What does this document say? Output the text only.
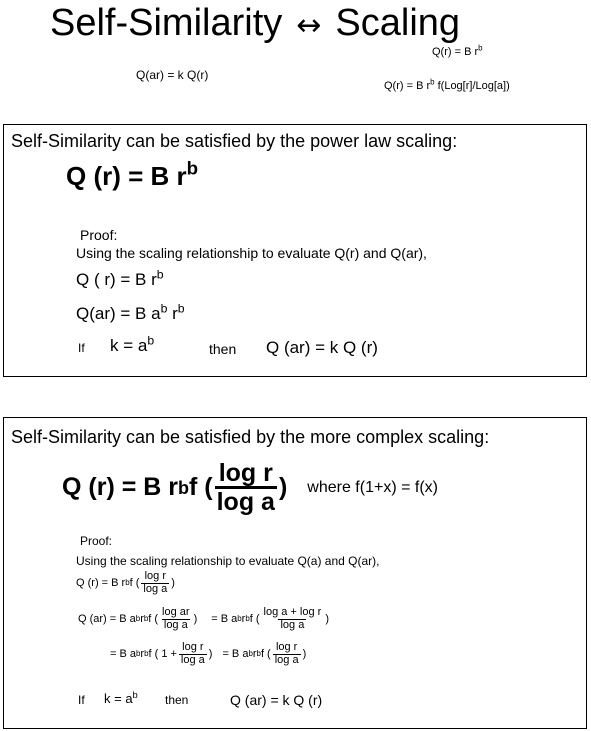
Self-Similarity ↔ Scaling
Q(ar) = k Q(r)
Q(r) = B $r^b$
Q(r) = B $r^b$ f(Log[r]/Log[a])
Self-Similarity can be satisfied by the power law scaling:
Q (r) = B $r^b$
Proof:
Using the scaling relationship to evaluate Q(r) and Q(ar),
Q ( r) = B $r^b$
Q(ar) = B $a^b$ $r^b$
If $k = a^b$
then Q (ar) = k Q (r)
Self-Similarity can be satisfied by the more complex scaling:
Q (r) = B r b f ( $\frac{\text{log r}}{\text{log a}}$ ) where f(1+x) = f(x)
Proof:
Using the scaling relationship to evaluate Q(a) and Q(ar),
Q (r) = B r b f ( $\frac{\text{log r}}{\text{log a}}$ )
Q (ar) = B a b r b f ( $\frac{\text{log ar}}{\text{log a}}$ ) = B a b r b f ( $\frac{\text{log a + log r}}{\text{log a}}$ )
= B a b r b f ( $1 + \frac{\text{log r}}{\text{log a}}$ ) = B a b r b f ( $\frac{\text{log r}}{\text{log a}}$ )
If $k = a^b$ then	Q (ar) = k Q (r)
